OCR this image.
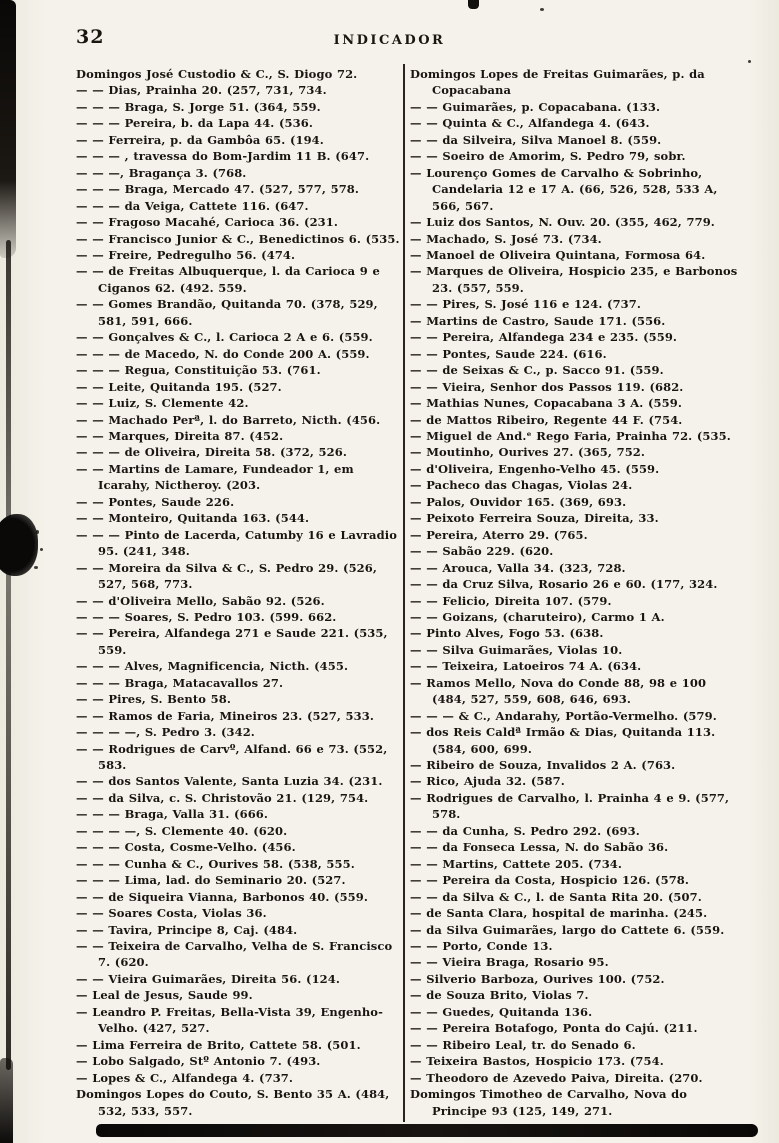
32	INDICADOR
Domingos José Custodio & C., S. Diogo 72.
— — Dias, Prainha 20. (257, 731, 734.
— — — Braga, S. Jorge 51. (364, 559.
— — — Pereira, b. da Lapa 44. (536.
— — Ferreira, p. da Gambôa 65. (194.
— — — , travessa do Bom-Jardim 11 B. (647.
— — —, Bragança 3. (768.
— — — Braga, Mercado 47. (527, 577, 578.
— — — da Veiga, Cattete 116. (647.
— — Fragoso Macahé, Carioca 36. (231.
— — Francisco Junior & C., Benedictinos 6. (535.
— — Freire, Pedregulho 56. (474.
— — de Freitas Albuquerque, l. da Carioca 9 e Ciganos 62. (492. 559.
— — Gomes Brandão, Quitanda 70. (378, 529, 581, 591, 666.
— — Gonçalves & C., l. Carioca 2 A e 6. (559.
— — — de Macedo, N. do Conde 200 A. (559.
— — — Regua, Constituição 53. (761.
— — Leite, Quitanda 195. (527.
— — Luiz, S. Clemente 42.
— — Machado Perª, l. do Barreto, Nicth. (456.
— — Marques, Direita 87. (452.
— — — de Oliveira, Direita 58. (372, 526.
— — Martins de Lamare, Fundeador 1, em Icarahy, Nictheroy. (203.
— — Pontes, Saude 226.
— — Monteiro, Quitanda 163. (544.
— — — Pinto de Lacerda, Catumby 16 e Lavradio 95. (241, 348.
— — Moreira da Silva & C., S. Pedro 29. (526, 527, 568, 773.
— — d'Oliveira Mello, Sabão 92. (526.
— — — Soares, S. Pedro 103. (599. 662.
— — Pereira, Alfandega 271 e Saude 221. (535, 559.
— — — Alves, Magnificencia, Nicth. (455.
— — — Braga, Matacavallos 27.
— — Pires, S. Bento 58.
— — Ramos de Faria, Mineiros 23. (527, 533.
— — — —, S. Pedro 3. (342.
— — Rodrigues de Carvº, Alfand. 66 e 73. (552, 583.
— — dos Santos Valente, Santa Luzia 34. (231.
— — da Silva, c. S. Christovão 21. (129, 754.
— — — Braga, Valla 31. (666.
— — — —, S. Clemente 40. (620.
— — — Costa, Cosme-Velho. (456.
— — — Cunha & C., Ourives 58. (538, 555.
— — — Lima, lad. do Seminario 20. (527.
— — de Siqueira Vianna, Barbonos 40. (559.
— — Soares Costa, Violas 36.
— — Tavira, Principe 8, Caj. (484.
— — Teixeira de Carvalho, Velha de S. Francisco 7. (620.
— — Vieira Guimarães, Direita 56. (124.
— Leal de Jesus, Saude 99.
— Leandro P. Freitas, Bella-Vista 39, Engenho-Velho. (427, 527.
— Lima Ferreira de Brito, Cattete 58. (501.
— Lobo Salgado, Stº Antonio 7. (493.
— Lopes & C., Alfandega 4. (737.
Domingos Lopes do Couto, S. Bento 35 A. (484, 532, 533, 557.
Domingos Lopes de Freitas Guimarães, p. da Copacabana
— — Guimarães, p. Copacabana. (133.
— — Quinta & C., Alfandega 4. (643.
— — da Silveira, Silva Manoel 8. (559.
— — Soeiro de Amorim, S. Pedro 79, sobr.
— Lourenço Gomes de Carvalho & Sobrinho, Candelaria 12 e 17 A. (66, 526, 528, 533 A, 566, 567.
— Luiz dos Santos, N. Ouv. 20. (355, 462, 779.
— Machado, S. José 73. (734.
— Manoel de Oliveira Quintana, Formosa 64.
— Marques de Oliveira, Hospicio 235, e Barbonos 23. (557, 559.
— — Pires, S. José 116 e 124. (737.
— Martins de Castro, Saude 171. (556.
— — Pereira, Alfandega 234 e 235. (559.
— — Pontes, Saude 224. (616.
— — de Seixas & C., p. Sacco 91. (559.
— — Vieira, Senhor dos Passos 119. (682.
— Mathias Nunes, Copacabana 3 A. (559.
— de Mattos Ribeiro, Regente 44 F. (754.
— Miguel de And.ᵉ Rego Faria, Prainha 72. (535.
— Moutinho, Ourives 27. (365, 752.
— d'Oliveira, Engenho-Velho 45. (559.
— Pacheco das Chagas, Violas 24.
— Palos, Ouvidor 165. (369, 693.
— Peixoto Ferreira Souza, Direita, 33.
— Pereira, Aterro 29. (765.
— — Sabão 229. (620.
— — Arouca, Valla 34. (323, 728.
— — da Cruz Silva, Rosario 26 e 60. (177, 324.
— — Felicio, Direita 107. (579.
— — Goizans, (charuteiro), Carmo 1 A.
— Pinto Alves, Fogo 53. (638.
— — Silva Guimarães, Violas 10.
— — Teixeira, Latoeiros 74 A. (634.
— Ramos Mello, Nova do Conde 88, 98 e 100 (484, 527, 559, 608, 646, 693.
— — — & C., Andarahy, Portão-Vermelho. (579.
— dos Reis Caldª Irmão & Dias, Quitanda 113. (584, 600, 699.
— Ribeiro de Souza, Invalidos 2 A. (763.
— Rico, Ajuda 32. (587.
— Rodrigues de Carvalho, l. Prainha 4 e 9. (577, 578.
— — da Cunha, S. Pedro 292. (693.
— — da Fonseca Lessa, N. do Sabão 36.
— — Martins, Cattete 205. (734.
— — Pereira da Costa, Hospicio 126. (578.
— — da Silva & C., l. de Santa Rita 20. (507.
— de Santa Clara, hospital de marinha. (245.
— da Silva Guimarães, largo do Cattete 6. (559.
— — Porto, Conde 13.
— — Vieira Braga, Rosario 95.
— Silverio Barboza, Ourives 100. (752.
— de Souza Brito, Violas 7.
— — Guedes, Quitanda 136.
— — Pereira Botafogo, Ponta do Cajú. (211.
— — Ribeiro Leal, tr. do Senado 6.
— Teixeira Bastos, Hospicio 173. (754.
— Theodoro de Azevedo Paiva, Direita. (270.
Domingos Timotheo de Carvalho, Nova do Principe 93 (125, 149, 271.
